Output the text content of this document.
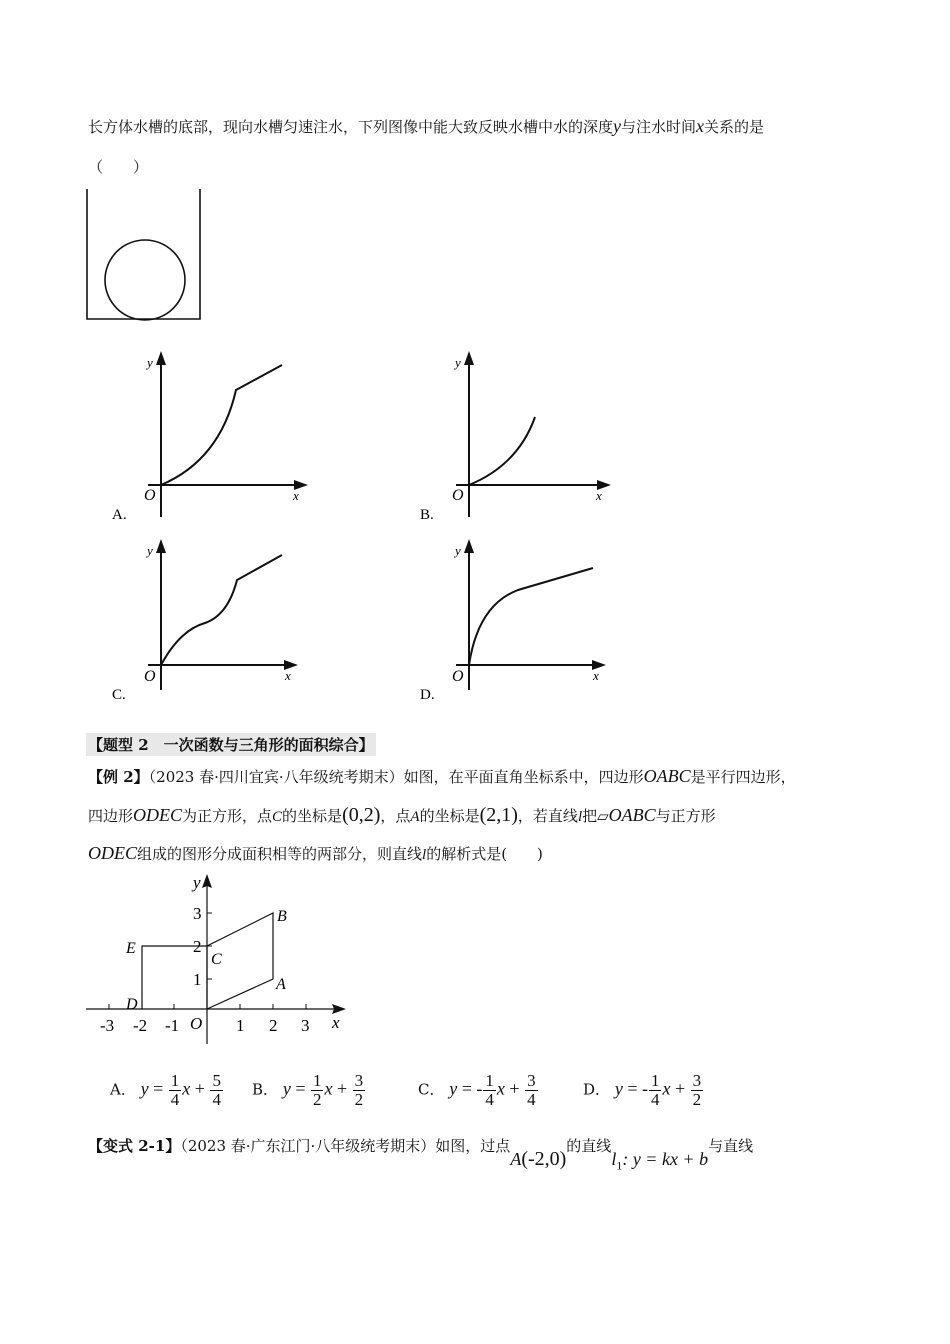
长方体水槽的底部，现向水槽匀速注水，下列图像中能大致反映水槽中水的深度y与注水时间x关系的是
（　　）
y
x
O
A.
y
x
O
B.
y
x
O
C.
y
x
O
D.
【题型 2　一次函数与三角形的面积综合】
【例 2】（2023 春·四川宜宾·八年级统考期末）如图，在平面直角坐标系中，四边形OABC是平行四边形，
四边形ODEC为正方形，点C的坐标是(0,2)，点A的坐标是(2,1)，若直线l把▱OABC与正方形
ODEC组成的图形分成面积相等的两部分，则直线l的解析式是(　　)
-3 -2 -1	1 2 3
1
2
3
O
A
B
C
D
E
x
y
A． $y = \frac{1}{4}$ $x + \frac{5}{4}$ B． $y = \frac{1}{2}$ $x + \frac{3}{2}$	C． y = - $\frac{1}{4}$ $x + \frac{3}{4}$	D． y = - $\frac{1}{4}$ $x + \frac{3}{2}$
【变式 2-1】（2023 春·广东江门·八年级统考期末）如图，过点A(-2,0)的直线$l_1$: y = kx + b与直线
